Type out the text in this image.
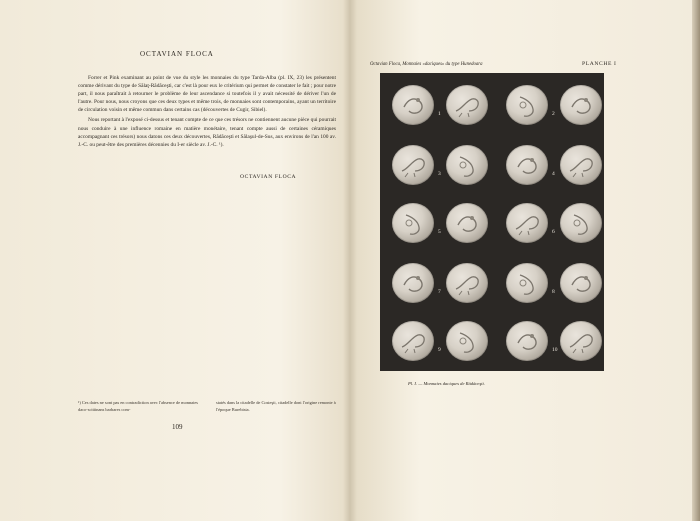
OCTAVIAN FLOCA

Forrer et Pink examinant au point de vue du style les monnaies du type Tarda-Alba (pl. IX, 23) les présentent comme dérivant du type de Sălaţ-Rădăceşti, car c'est là pour eux le critérium qui permet de constater le fait ; pour notre part, il nous paraîtrait à retourner le problème de leur ascendance si toutefois il y avait nécessité de dériver l'un de l'autre. Pour nous, nous croyons que ces deux types et même trois, de monnaies sont contemporains, ayant un territoire de circulation voisin et même commun dans certains cas (découvertes de Cugir, Sibiel).

Nous reportant à l'exposé ci-dessus et tenant compte de ce que ces trésors ne contiennent aucune pièce qui pourrait nous conduire à une influence romaine en matière monétaire, tenant compte aussi de certaines céramiques accompagnant ces trésors) nous datons ces deux découvertes, Rădăceşti et Sălaşul-de-Sus, aux environs de l'an 100 av. J.-C. ou peut-être des premières décennies du I-er siècle av. J.-C. ¹).

OCTAVIAN FLOCA
¹) Ces dates ne sont pas en contradiction avec l'absence de monnaies daco-scitiinans barbares com-
statés dans la citadelle de Costeşti, citadelle dont l'origine remonte à l'époque Burebista.
109
Octavian Floca, Monnaies «daciques» du type Hunedoara	PLANCHE I
1	2
3	4
5	6
7	8
9	10
Pl. I. — Monnaies daciques de Rădăceşti.
